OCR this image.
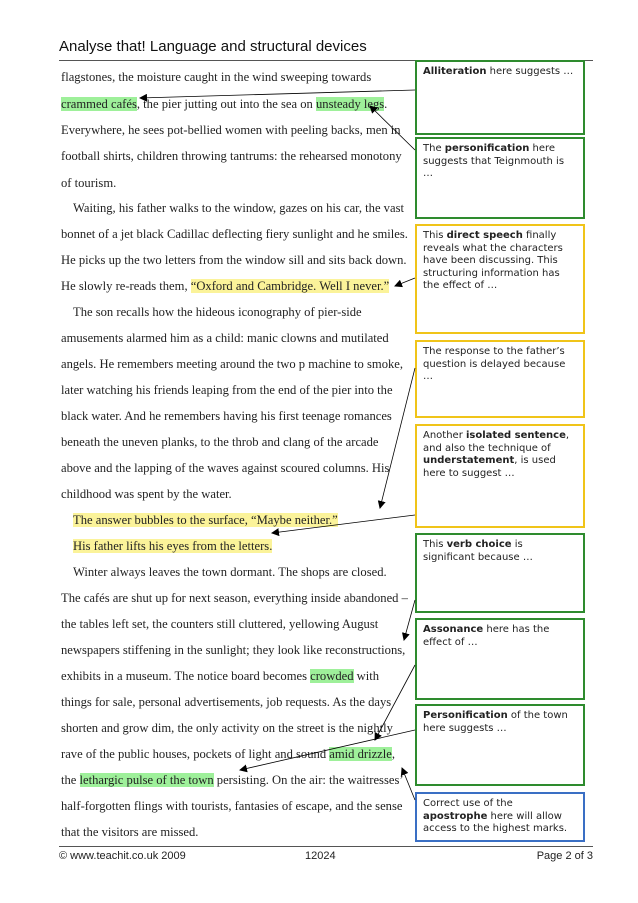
Analyse that! Language and structural devices
flagstones, the moisture caught in the wind sweeping towards
crammed cafés, the pier jutting out into the sea on unsteady legs.
Everywhere, he sees pot-bellied women with peeling backs, men in
football shirts, children throwing tantrums: the rehearsed monotony
of tourism.
Waiting, his father walks to the window, gazes on his car, the vast
bonnet of a jet black Cadillac deflecting fiery sunlight and he smiles.
He picks up the two letters from the window sill and sits back down.
He slowly re-reads them, “Oxford and Cambridge. Well I never.”
The son recalls how the hideous iconography of pier-side
amusements alarmed him as a child: manic clowns and mutilated
angels. He remembers meeting around the two p machine to smoke,
later watching his friends leaping from the end of the pier into the
black water. And he remembers having his first teenage romances
beneath the uneven planks, to the throb and clang of the arcade
above and the lapping of the waves against scoured columns. His
childhood was spent by the water.
The answer bubbles to the surface, “Maybe neither.”
His father lifts his eyes from the letters.
Winter always leaves the town dormant. The shops are closed.
The cafés are shut up for next season, everything inside abandoned –
the tables left set, the counters still cluttered, yellowing August
newspapers stiffening in the sunlight; they look like reconstructions,
exhibits in a museum. The notice board becomes crowded with
things for sale, personal advertisements, job requests. As the days
shorten and grow dim, the only activity on the street is the nightly
rave of the public houses, pockets of light and sound amid drizzle,
the lethargic pulse of the town persisting. On the air: the waitresses’
half-forgotten flings with tourists, fantasies of escape, and the sense
that the visitors are missed.
Alliteration here suggests …
The personification here suggests that Teignmouth is …
This direct speech finally reveals what the characters have been discussing. This structuring information has the effect of …
The response to the father’s question is delayed because …
Another isolated sentence, and also the technique of understatement, is used here to suggest …
This verb choice is significant because …
Assonance here has the effect of …
Personification of the town here suggests …
Correct use of the apostrophe here will allow access to the highest marks.
© www.teachit.co.uk 2009	12024	Page 2 of 3
